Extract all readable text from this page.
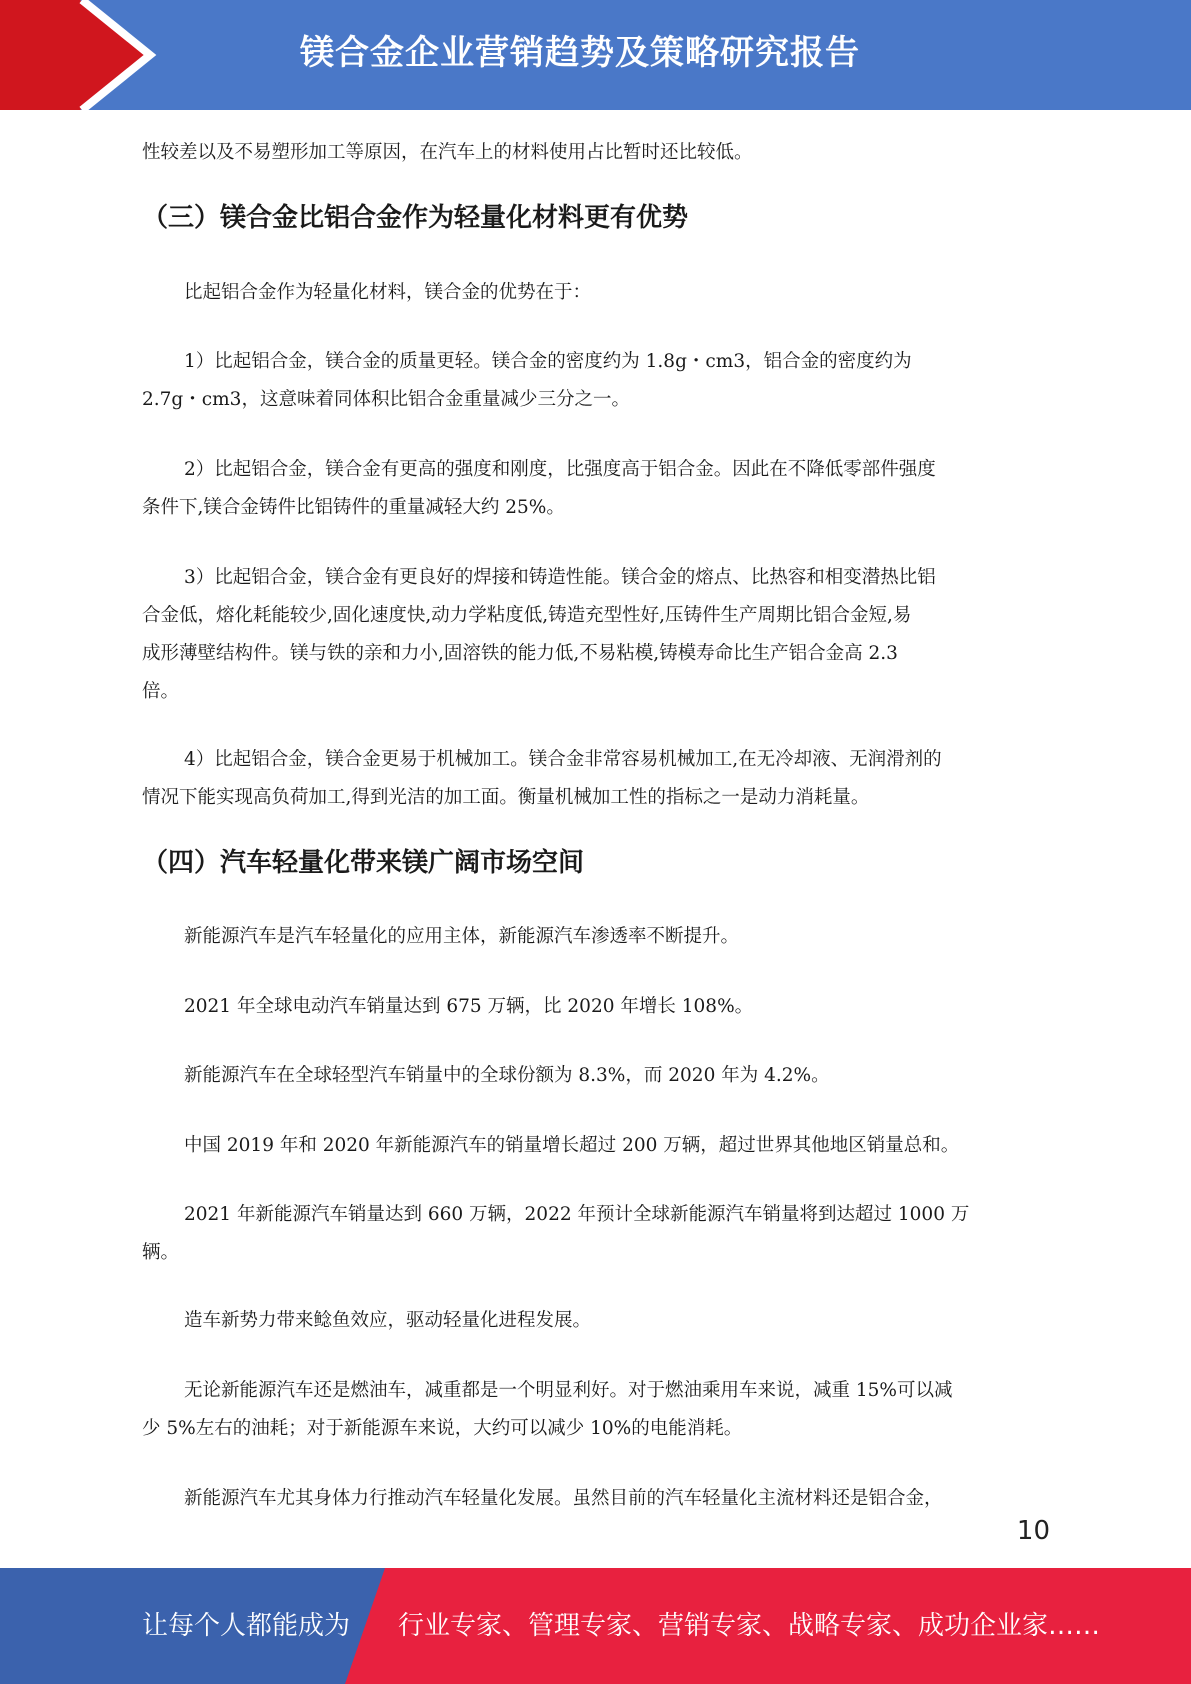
镁合金企业营销趋势及策略研究报告

性较差以及不易塑形加工等原因，在汽车上的材料使用占比暂时还比较低。

（三）镁合金比铝合金作为轻量化材料更有优势

比起铝合金作为轻量化材料，镁合金的优势在于：

1）比起铝合金，镁合金的质量更轻。镁合金的密度约为 1.8g・cm3，铝合金的密度约为

2.7g・cm3，这意味着同体积比铝合金重量减少三分之一。

2）比起铝合金，镁合金有更高的强度和刚度，比强度高于铝合金。因此在不降低零部件强度

条件下,镁合金铸件比铝铸件的重量减轻大约 25%。

3）比起铝合金，镁合金有更良好的焊接和铸造性能。镁合金的熔点、比热容和相变潜热比铝

合金低，熔化耗能较少,固化速度快,动力学粘度低,铸造充型性好,压铸件生产周期比铝合金短,易

成形薄壁结构件。镁与铁的亲和力小,固溶铁的能力低,不易粘模,铸模寿命比生产铝合金高 2.3

倍。

4）比起铝合金，镁合金更易于机械加工。镁合金非常容易机械加工,在无冷却液、无润滑剂的

情况下能实现高负荷加工,得到光洁的加工面。衡量机械加工性的指标之一是动力消耗量。

（四）汽车轻量化带来镁广阔市场空间

新能源汽车是汽车轻量化的应用主体，新能源汽车渗透率不断提升。

2021 年全球电动汽车销量达到 675 万辆，比 2020 年增长 108%。

新能源汽车在全球轻型汽车销量中的全球份额为 8.3%，而 2020 年为 4.2%。

中国 2019 年和 2020 年新能源汽车的销量增长超过 200 万辆，超过世界其他地区销量总和。

2021 年新能源汽车销量达到 660 万辆，2022 年预计全球新能源汽车销量将到达超过 1000 万

辆。

造车新势力带来鲶鱼效应，驱动轻量化进程发展。

无论新能源汽车还是燃油车，减重都是一个明显利好。对于燃油乘用车来说，减重 15%可以减

少 5%左右的油耗；对于新能源车来说，大约可以减少 10%的电能消耗。

新能源汽车尤其身体力行推动汽车轻量化发展。虽然目前的汽车轻量化主流材料还是铝合金，

10
让每个人都能成为 行业专家、管理专家、营销专家、战略专家、成功企业家……
